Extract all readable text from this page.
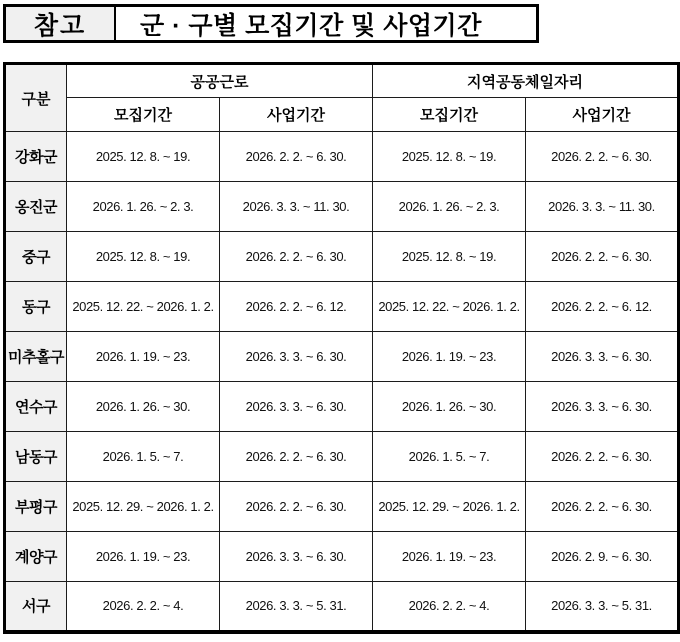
참고	군 · 구별 모집기간 및 사업기간
구분	공공근로		지역공동체일자리	
	모집기간	사업기간	모집기간	사업기간
강화군	2025. 12. 8. ~ 19.	2026. 2. 2. ~ 6. 30.	2025. 12. 8. ~ 19.	2026. 2. 2. ~ 6. 30.
옹진군	2026. 1. 26. ~ 2. 3.	2026. 3. 3. ~ 11. 30.	2026. 1. 26. ~ 2. 3.	2026. 3. 3. ~ 11. 30.
중구	2025. 12. 8. ~ 19.	2026. 2. 2. ~ 6. 30.	2025. 12. 8. ~ 19.	2026. 2. 2. ~ 6. 30.
동구	2025. 12. 22. ~ 2026. 1. 2.	2026. 2. 2. ~ 6. 12.	2025. 12. 22. ~ 2026. 1. 2.	2026. 2. 2. ~ 6. 12.
미추홀구	2026. 1. 19. ~ 23.	2026. 3. 3. ~ 6. 30.	2026. 1. 19. ~ 23.	2026. 3. 3. ~ 6. 30.
연수구	2026. 1. 26. ~ 30.	2026. 3. 3. ~ 6. 30.	2026. 1. 26. ~ 30.	2026. 3. 3. ~ 6. 30.
남동구	2026. 1. 5. ~ 7.	2026. 2. 2. ~ 6. 30.	2026. 1. 5. ~ 7.	2026. 2. 2. ~ 6. 30.
부평구	2025. 12. 29. ~ 2026. 1. 2.	2026. 2. 2. ~ 6. 30.	2025. 12. 29. ~ 2026. 1. 2.	2026. 2. 2. ~ 6. 30.
계양구	2026. 1. 19. ~ 23.	2026. 3. 3. ~ 6. 30.	2026. 1. 19. ~ 23.	2026. 2. 9. ~ 6. 30.
서구	2026. 2. 2. ~ 4.	2026. 3. 3. ~ 5. 31.	2026. 2. 2. ~ 4.	2026. 3. 3. ~ 5. 31.
